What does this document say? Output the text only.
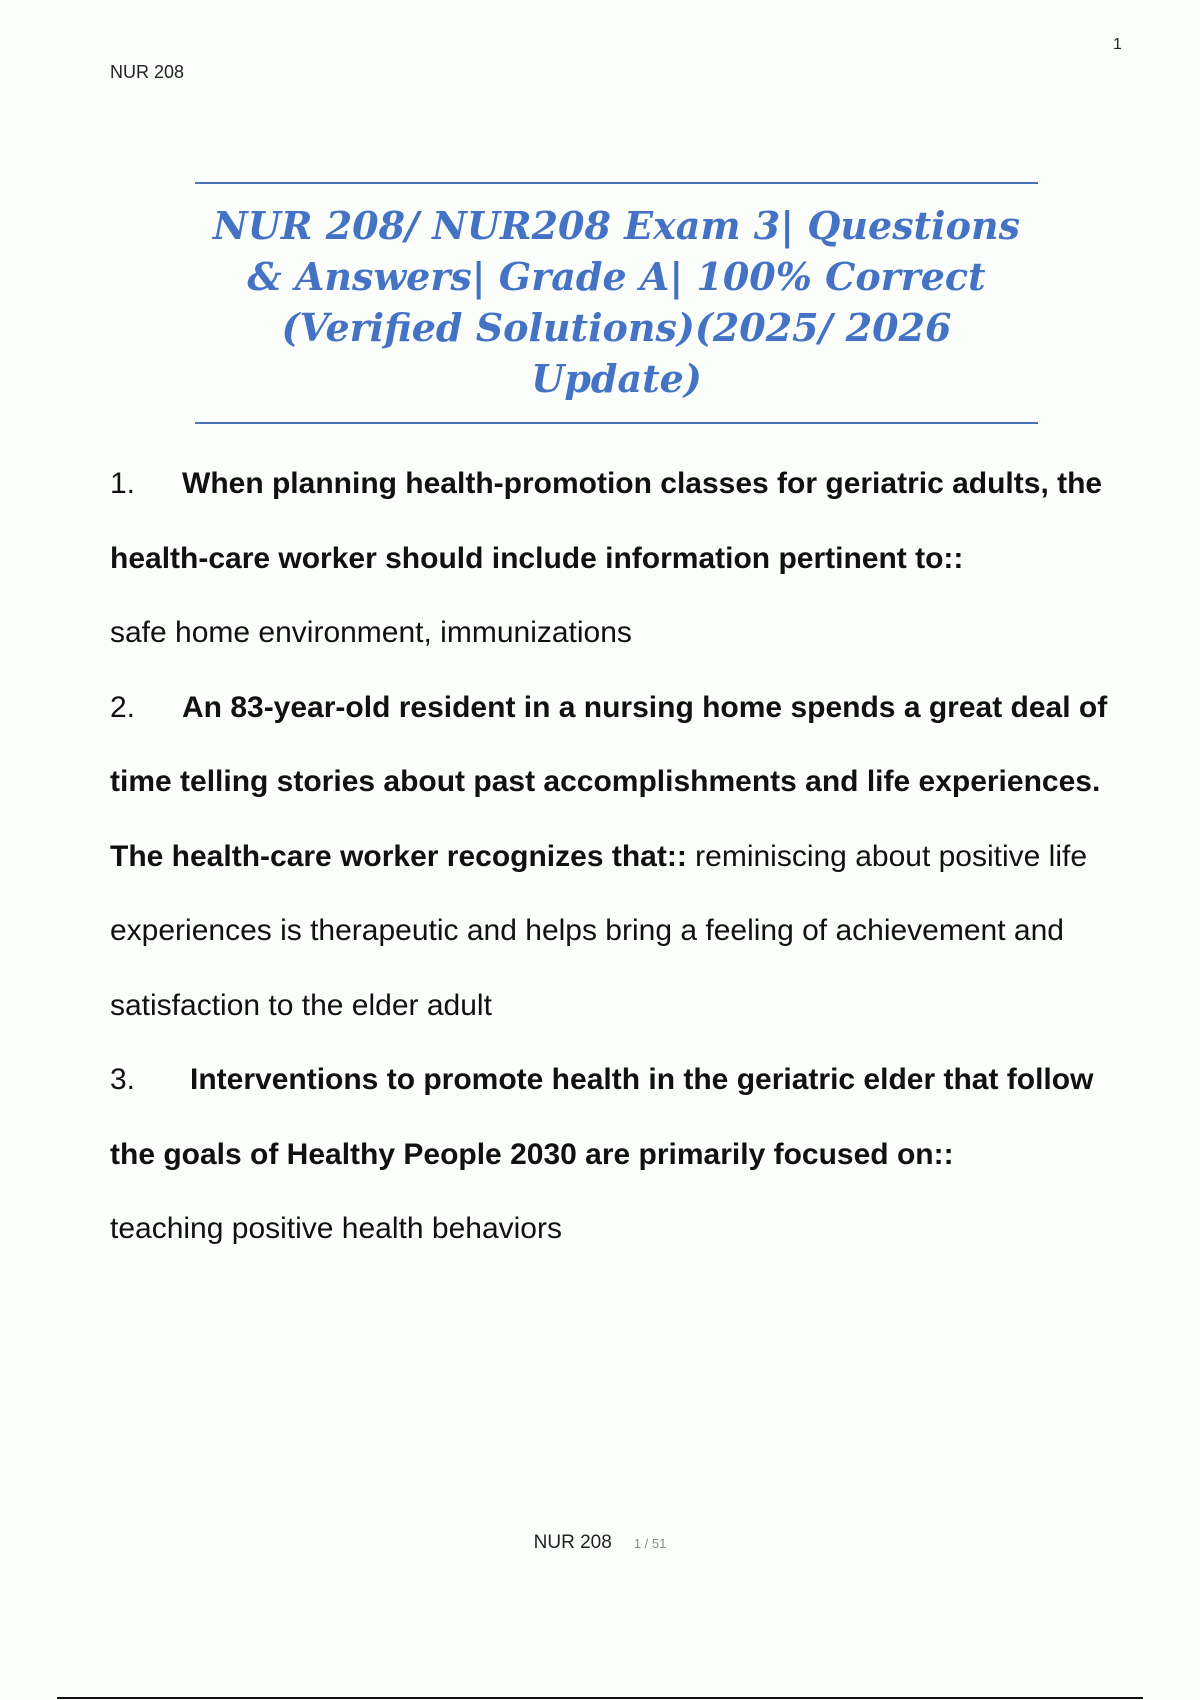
1
NUR 208
NUR 208/ NUR208 Exam 3| Questions & Answers| Grade A| 100% Correct (Verified Solutions)(2025/ 2026 Update)

1. When planning health-promotion classes for geriatric adults, the health-care worker should include information pertinent to::
safe home environment, immunizations

2. An 83-year-old resident in a nursing home spends a great deal of time telling stories about past accomplishments and life experiences. The health-care worker recognizes that:: reminiscing about positive life experiences is therapeutic and helps bring a feeling of achievement and satisfaction to the elder adult

3. Interventions to promote health in the geriatric elder that follow the goals of Healthy People 2030 are primarily focused on::
teaching positive health behaviors

NUR 208 1 / 51
